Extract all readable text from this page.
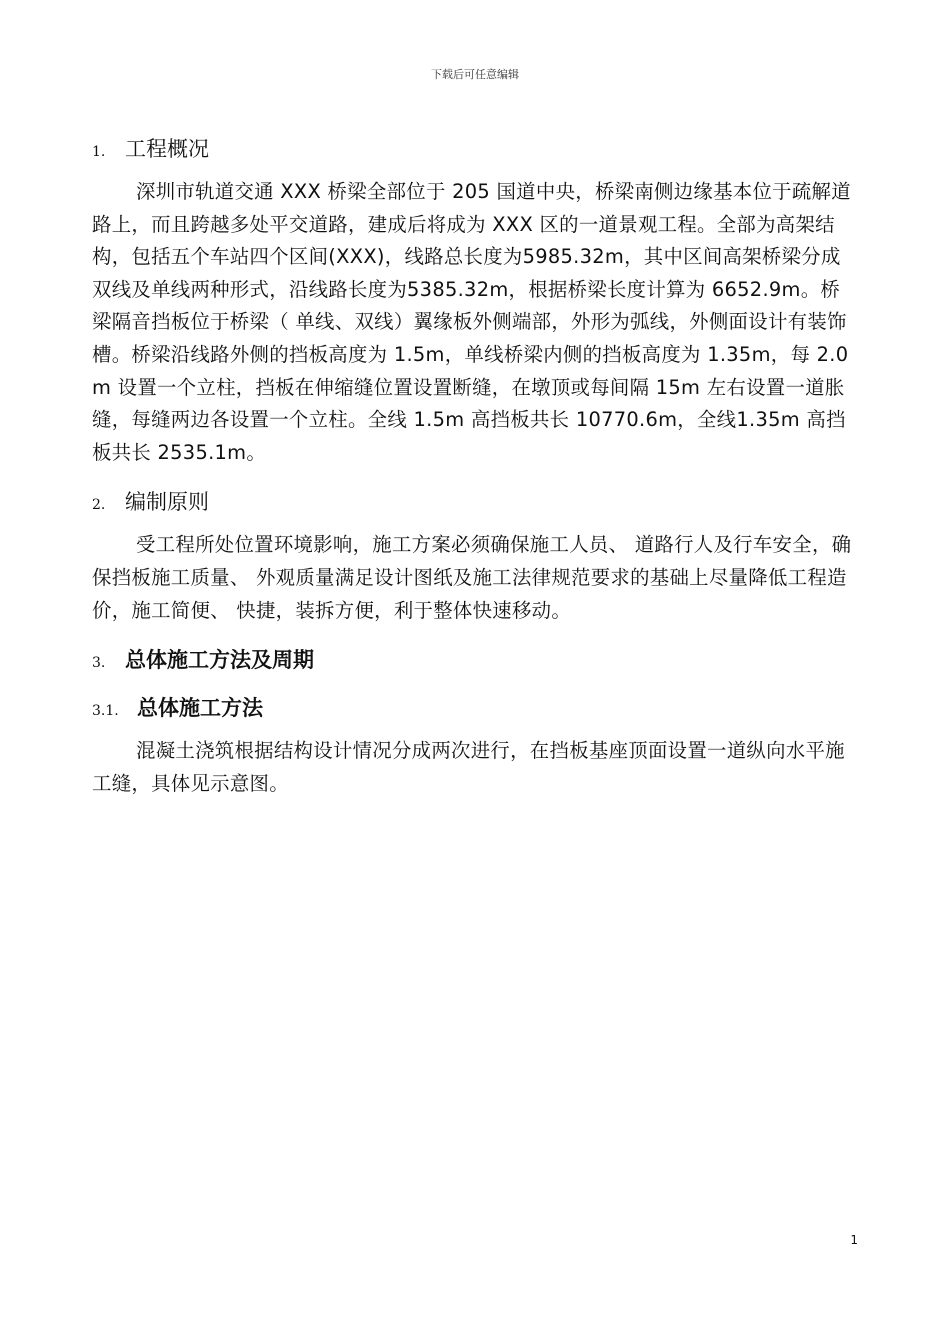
下载后可任意编辑
1. 工程概况

深圳市轨道交通 XXX 桥梁全部位于 205 国道中央，桥梁南侧边缘基本位于疏解道路上，而且跨越多处平交道路，建成后将成为 XXX 区的一道景观工程。全部为高架结构，包括五个车站四个区间(XXX)，线路总长度为5985.32m，其中区间高架桥梁分成双线及单线两种形式，沿线路长度为5385.32m，根据桥梁长度计算为 6652.9m。桥梁隔音挡板位于桥梁（ 单线、双线）翼缘板外侧端部，外形为弧线，外侧面设计有装饰槽。桥梁沿线路外侧的挡板高度为 1.5m，单线桥梁内侧的挡板高度为 1.35m，每 2.0m 设置一个立柱，挡板在伸缩缝位置设置断缝，在墩顶或每间隔 15m 左右设置一道胀缝，每缝两边各设置一个立柱。全线 1.5m 高挡板共长 10770.6m，全线1.35m 高挡板共长 2535.1m。

2. 编制原则

受工程所处位置环境影响，施工方案必须确保施工人员、 道路行人及行车安全，确保挡板施工质量、 外观质量满足设计图纸及施工法律规范要求的基础上尽量降低工程造价，施工简便、 快捷，装拆方便，利于整体快速移动。

3. 总体施工方法及周期
3.1. 总体施工方法

混凝土浇筑根据结构设计情况分成两次进行，在挡板基座顶面设置一道纵向水平施工缝，具体见示意图。

1
